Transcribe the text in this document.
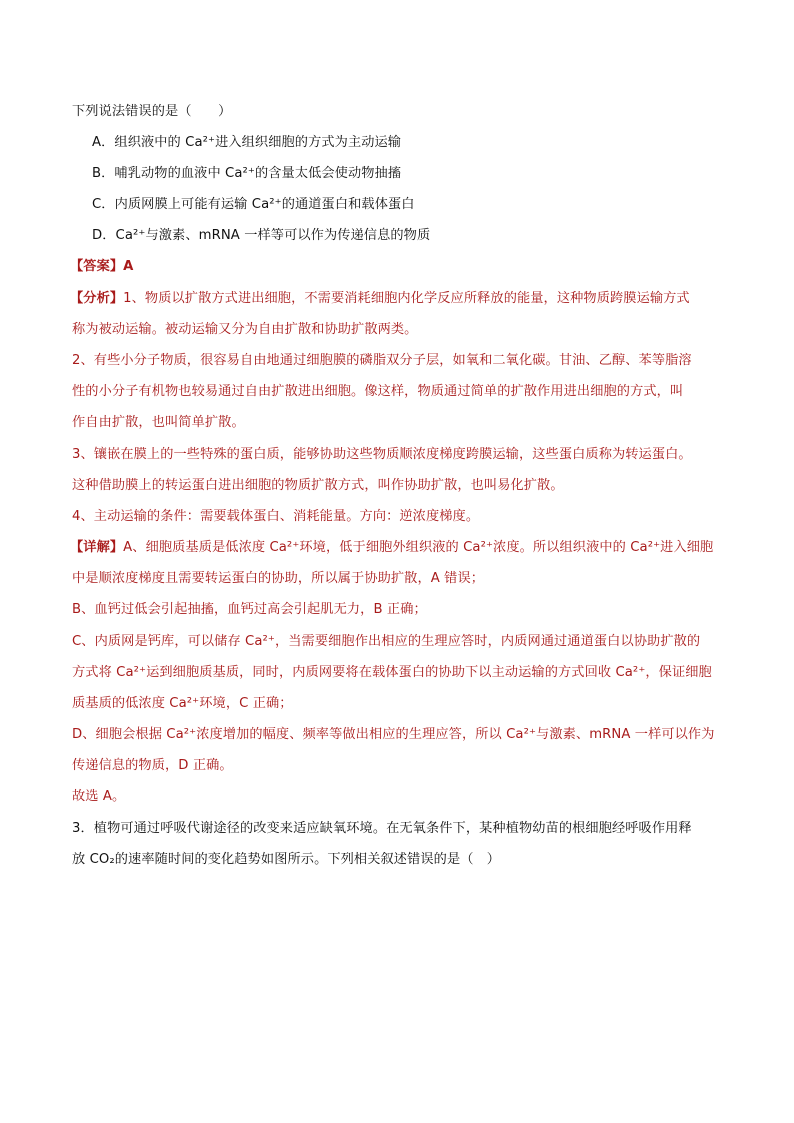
下列说法错误的是（　　）
A．组织液中的 Ca²⁺进入组织细胞的方式为主动运输
B．哺乳动物的血液中 Ca²⁺的含量太低会使动物抽搐
C．内质网膜上可能有运输 Ca²⁺的通道蛋白和载体蛋白
D．Ca²⁺与激素、mRNA 一样等可以作为传递信息的物质
【答案】A
【分析】1、物质以扩散方式进出细胞，不需要消耗细胞内化学反应所释放的能量，这种物质跨膜运输方式
称为被动运输。被动运输又分为自由扩散和协助扩散两类。
2、有些小分子物质，很容易自由地通过细胞膜的磷脂双分子层，如氧和二氧化碳。甘油、乙醇、苯等脂溶
性的小分子有机物也较易通过自由扩散进出细胞。像这样，物质通过简单的扩散作用进出细胞的方式，叫
作自由扩散，也叫简单扩散。
3、镶嵌在膜上的一些特殊的蛋白质，能够协助这些物质顺浓度梯度跨膜运输，这些蛋白质称为转运蛋白。
这种借助膜上的转运蛋白进出细胞的物质扩散方式，叫作协助扩散，也叫易化扩散。
4、主动运输的条件：需要载体蛋白、消耗能量。方向：逆浓度梯度。
【详解】A、细胞质基质是低浓度 Ca²⁺环境，低于细胞外组织液的 Ca²⁺浓度。所以组织液中的 Ca²⁺进入细胞
中是顺浓度梯度且需要转运蛋白的协助，所以属于协助扩散，A 错误；
B、血钙过低会引起抽搐，血钙过高会引起肌无力，B 正确；
C、内质网是钙库，可以储存 Ca²⁺，当需要细胞作出相应的生理应答时，内质网通过通道蛋白以协助扩散的
方式将 Ca²⁺运到细胞质基质，同时，内质网要将在载体蛋白的协助下以主动运输的方式回收 Ca²⁺，保证细胞
质基质的低浓度 Ca²⁺环境，C 正确；
D、细胞会根据 Ca²⁺浓度增加的幅度、频率等做出相应的生理应答，所以 Ca²⁺与激素、mRNA 一样可以作为
传递信息的物质，D 正确。
故选 A。
3．植物可通过呼吸代谢途径的改变来适应缺氧环境。在无氧条件下，某种植物幼苗的根细胞经呼吸作用释
放 CO₂的速率随时间的变化趋势如图所示。下列相关叙述错误的是（　）
